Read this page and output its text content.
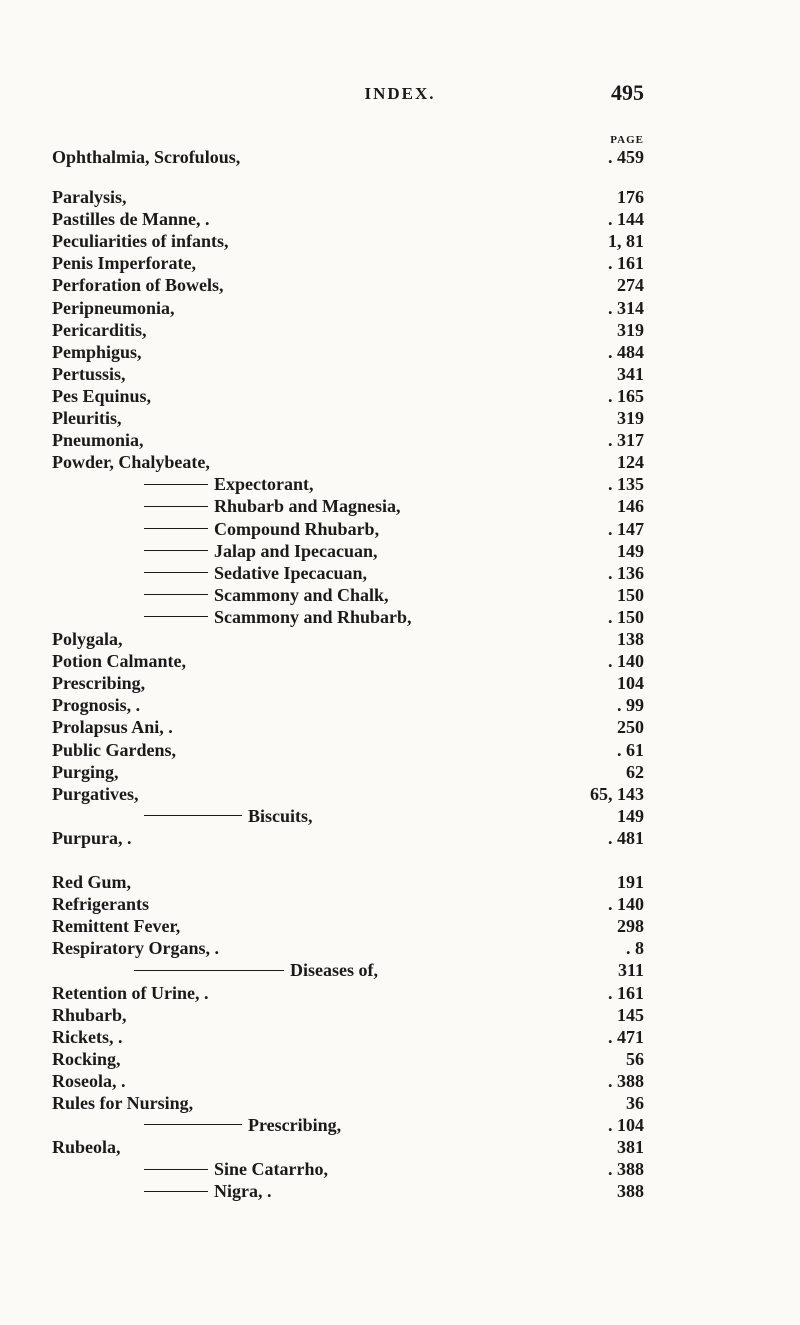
INDEX.	495
PAGE
Ophthalmia, Scrofulous,	. 459
Paralysis,	176
Pastilles de Manne, .	. 144
Peculiarities of infants,	1, 81
Penis Imperforate,	. 161
Perforation of Bowels,	274
Peripneumonia,	. 314
Pericarditis,	319
Pemphigus,	. 484
Pertussis,	341
Pes Equinus,	. 165
Pleuritis,	319
Pneumonia,	. 317
Powder, Chalybeate,	124
Expectorant,	. 135
Rhubarb and Magnesia,	146
Compound Rhubarb,	. 147
Jalap and Ipecacuan,	149
Sedative Ipecacuan,	. 136
Scammony and Chalk,	150
Scammony and Rhubarb,	. 150
Polygala,	138
Potion Calmante,	. 140
Prescribing,	104
Prognosis, .	. 99
Prolapsus Ani, .	250
Public Gardens,	. 61
Purging,	62
Purgatives,	65, 143
Biscuits,	149
Purpura, .	. 481
Red Gum,	191
Refrigerants	. 140
Remittent Fever,	298
Respiratory Organs, .	. 8
Diseases of,	311
Retention of Urine, .	. 161
Rhubarb,	145
Rickets, .	. 471
Rocking,	56
Roseola, .	. 388
Rules for Nursing,	36
Prescribing,	. 104
Rubeola,	381
Sine Catarrho,	. 388
Nigra, .	388
